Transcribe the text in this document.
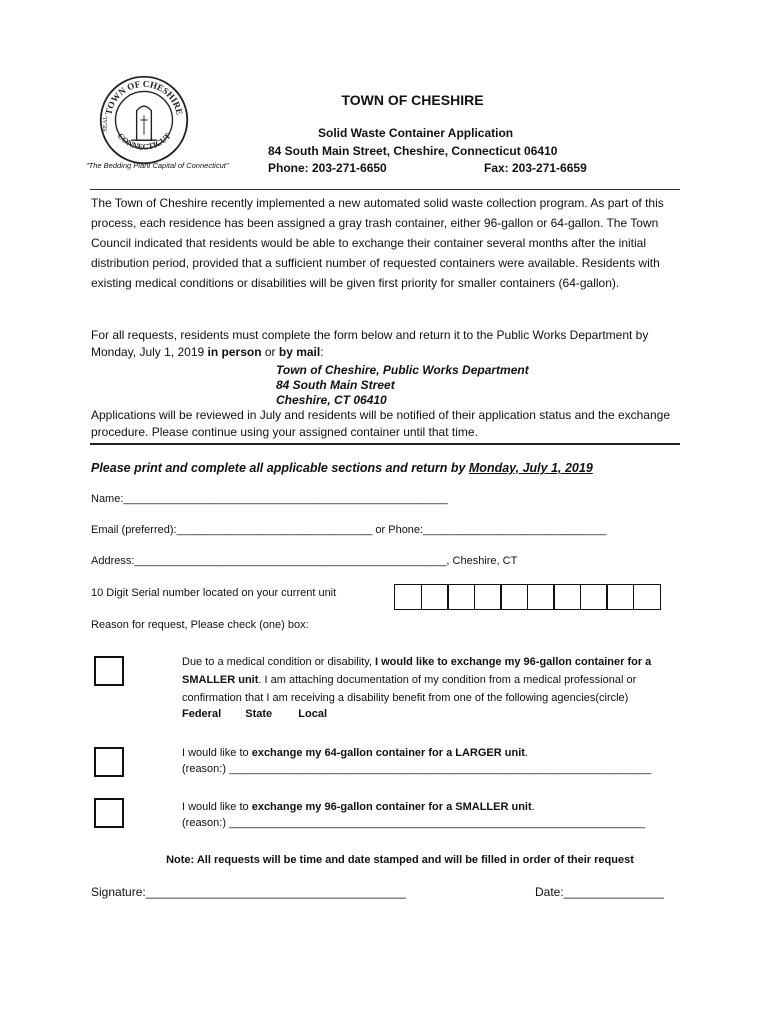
TOWN OF CHESHIRE
CONNECTICUT
SEAL
"The Bedding Plant Capital of Connecticut"
TOWN OF CHESHIRE
Solid Waste Container Application
84 South Main Street, Cheshire, Connecticut 06410
Phone: 203-271-6650	Fax: 203-271-6659
The Town of Cheshire recently implemented a new automated solid waste collection program. As part of this process, each residence has been assigned a gray trash container, either 96-gallon or 64-gallon. The Town Council indicated that residents would be able to exchange their container several months after the initial distribution period, provided that a sufficient number of requested containers were available. Residents with existing medical conditions or disabilities will be given first priority for smaller containers (64-gallon).
For all requests, residents must complete the form below and return it to the Public Works Department by Monday, July 1, 2019 in person or by mail:
Town of Cheshire, Public Works Department
84 South Main Street
Cheshire, CT 06410
Applications will be reviewed in July and residents will be notified of their application status and the exchange procedure. Please continue using your assigned container until that time.
Please print and complete all applicable sections and return by Monday, July 1, 2019
Name:_____________________________________________________
Email (preferred):________________________________ or Phone:______________________________
Address:___________________________________________________, Cheshire, CT
10 Digit Serial number located on your current unit
Reason for request, Please check (one) box:
Due to a medical condition or disability, I would like to exchange my 96-gallon container for a SMALLER unit. I am attaching documentation of my condition from a medical professional or confirmation that I am receiving a disability benefit from one of the following agencies(circle)
Federal State Local
I would like to exchange my 64-gallon container for a LARGER unit.
(reason:) _____________________________________________________________________
I would like to exchange my 96-gallon container for a SMALLER unit.
(reason:) ____________________________________________________________________
Note: All requests will be time and date stamped and will be filled in order of their request
Signature:_______________________________________	Date:_______________
